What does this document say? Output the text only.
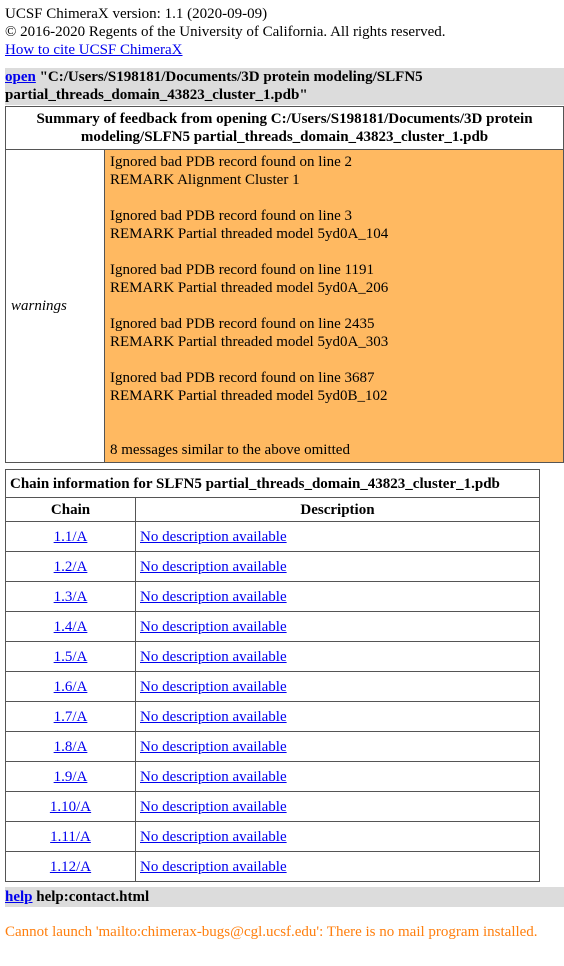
UCSF ChimeraX version: 1.1 (2020-09-09)
© 2016-2020 Regents of the University of California. All rights reserved.
How to cite UCSF ChimeraX
open "C:/Users/S198181/Documents/3D protein modeling/SLFN5 partial_threads_domain_43823_cluster_1.pdb"
Summary of feedback from opening C:/Users/S198181/Documents/3D protein modeling/SLFN5 partial_threads_domain_43823_cluster_1.pdb
warnings	
Ignored bad PDB record found on line 2
REMARK Alignment Cluster 1
Ignored bad PDB record found on line 3
REMARK Partial threaded model 5yd0A_104
Ignored bad PDB record found on line 1191
REMARK Partial threaded model 5yd0A_206
Ignored bad PDB record found on line 2435
REMARK Partial threaded model 5yd0A_303
Ignored bad PDB record found on line 3687
REMARK Partial threaded model 5yd0B_102
8 messages similar to the above omitted
Chain information for SLFN5 partial_threads_domain_43823_cluster_1.pdb	
Chain	Description
1.1/A	No description available
1.2/A	No description available
1.3/A	No description available
1.4/A	No description available
1.5/A	No description available
1.6/A	No description available
1.7/A	No description available
1.8/A	No description available
1.9/A	No description available
1.10/A	No description available
1.11/A	No description available
1.12/A	No description available
help help:contact.html
Cannot launch 'mailto:chimerax-bugs@cgl.ucsf.edu': There is no mail program installed.
